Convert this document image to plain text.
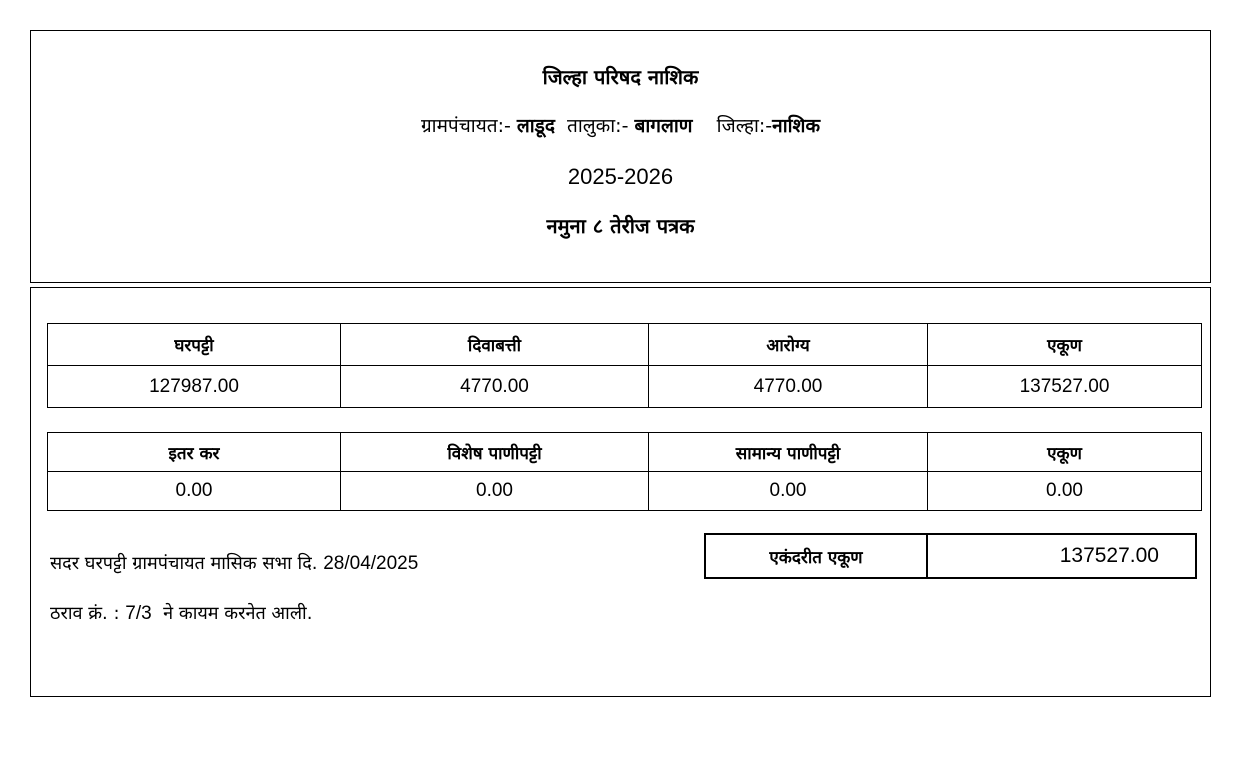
जिल्हा परिषद नाशिक
ग्रामपंचायत:- लाडूद तालुका:- बागलाण जिल्हा:-नाशिक
2025-2026
नमुना ८ तेरीज पत्रक
घरपट्टी	दिवाबत्ती	आरोग्य	एकूण
127987.00	4770.00	4770.00	137527.00
इतर कर	विशेष पाणीपट्टी	सामान्य पाणीपट्टी	एकूण
0.00	0.00	0.00	0.00
एकंदरीत एकूण	137527.00
सदर घरपट्टी ग्रामपंचायत मासिक सभा दि. 28/04/2025
ठराव क्रं. : 7/3 ने कायम करनेत आली.
